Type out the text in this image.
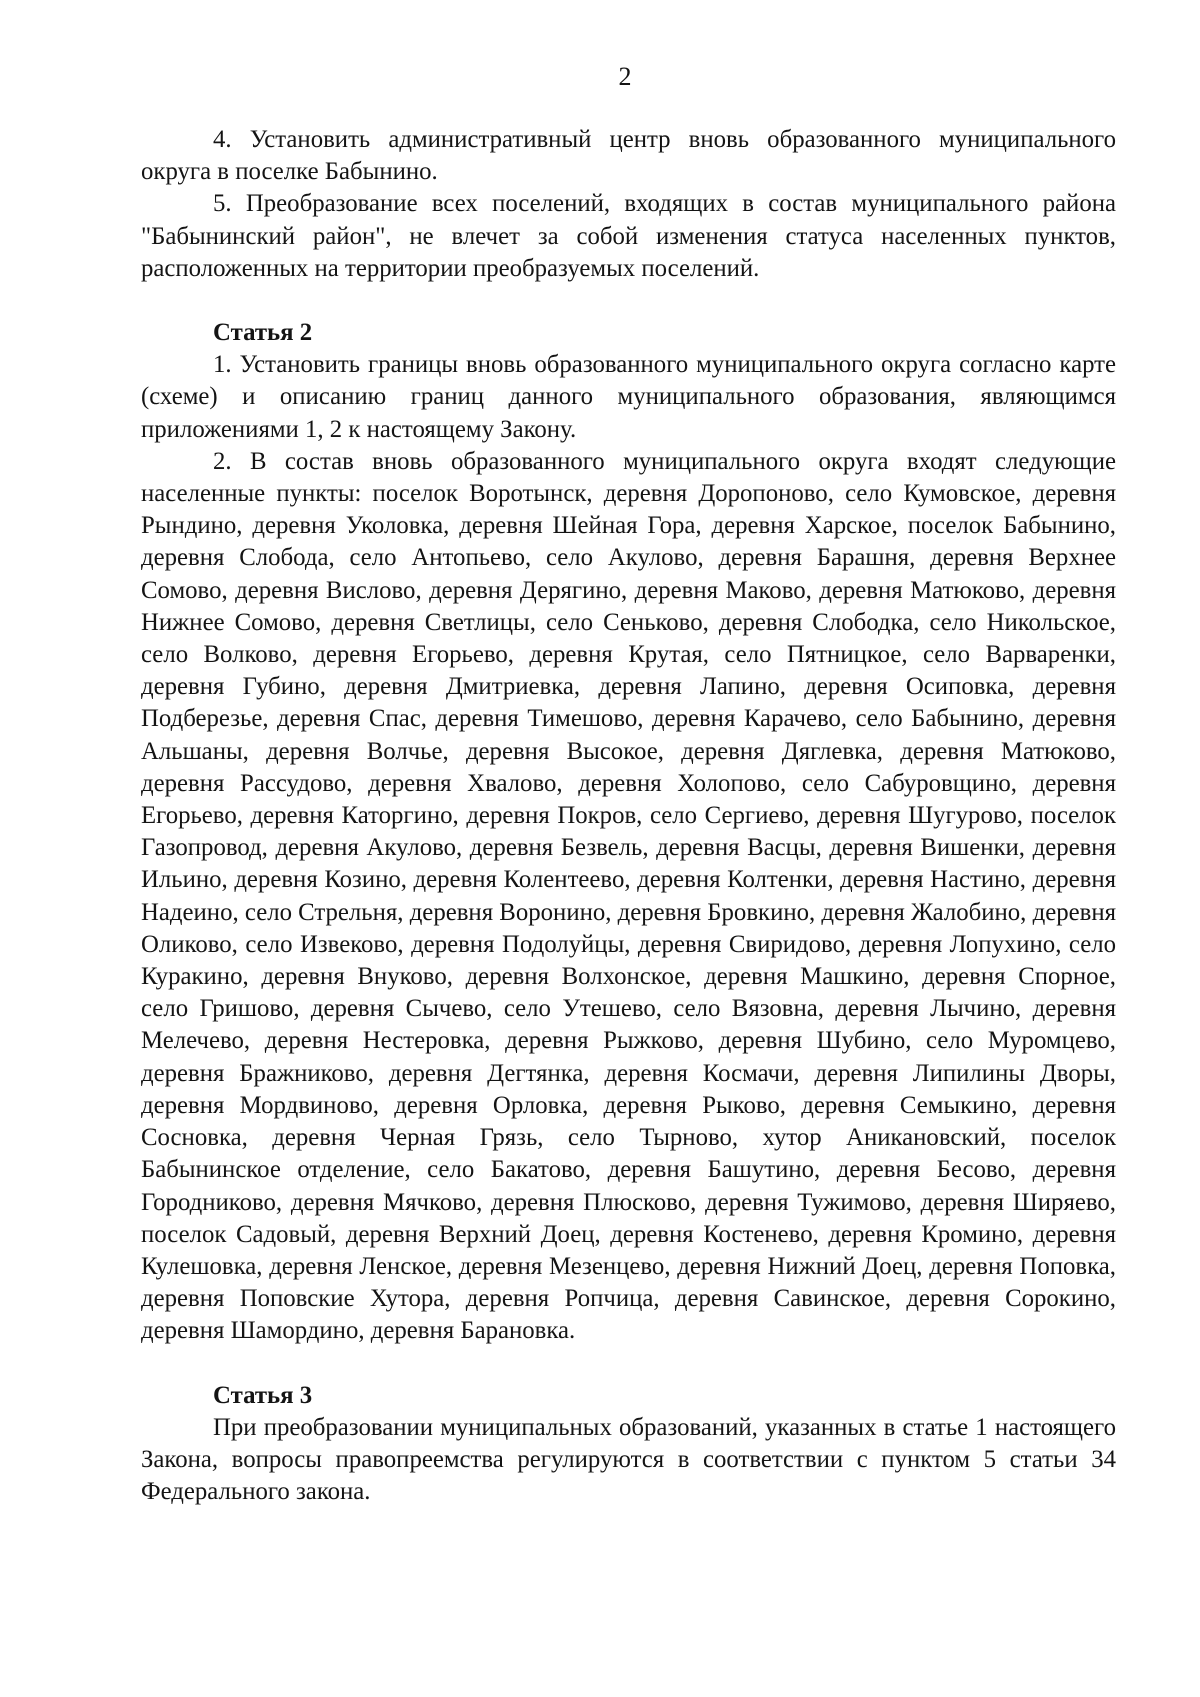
2

4. Установить административный центр вновь образованного муниципального округа в поселке Бабынино.

5. Преобразование всех поселений, входящих в состав муниципального района "Бабынинский район", не влечет за собой изменения статуса населенных пунктов, расположенных на территории преобразуемых поселений.

Статья 2

1. Установить границы вновь образованного муниципального округа согласно карте (схеме) и описанию границ данного муниципального образования, являющимся приложениями 1, 2 к настоящему Закону.

2. В состав вновь образованного муниципального округа входят следующие населенные пункты: поселок Воротынск, деревня Доропоново, село Кумовское, деревня Рындино, деревня Уколовка, деревня Шейная Гора, деревня Харское, поселок Бабынино, деревня Слобода, село Антопьево, село Акулово, деревня Барашня, деревня Верхнее Сомово, деревня Вислово, деревня Дерягино, деревня Маково, деревня Матюково, деревня Нижнее Сомово, деревня Светлицы, село Сеньково, деревня Слободка, село Никольское, село Волково, деревня Егорьево, деревня Крутая, село Пятницкое, село Варваренки, деревня Губино, деревня Дмитриевка, деревня Лапино, деревня Осиповка, деревня Подберезье, деревня Спас, деревня Тимешово, деревня Карачево, село Бабынино, деревня Альшаны, деревня Волчье, деревня Высокое, деревня Дяглевка, деревня Матюково, деревня Рассудово, деревня Хвалово, деревня Холопово, село Сабуровщино, деревня Егорьево, деревня Каторгино, деревня Покров, село Сергиево, деревня Шугурово, поселок Газопровод, деревня Акулово, деревня Безвель, деревня Васцы, деревня Вишенки, деревня Ильино, деревня Козино, деревня Колентеево, деревня Колтенки, деревня Настино, деревня Надеино, село Стрельня, деревня Воронино, деревня Бровкино, деревня Жалобино, деревня Оликово, село Извеково, деревня Подолуйцы, деревня Свиридово, деревня Лопухино, село Куракино, деревня Внуково, деревня Волхонское, деревня Машкино, деревня Спорное, село Гришово, деревня Сычево, село Утешево, село Вязовна, деревня Лычино, деревня Мелечево, деревня Нестеровка, деревня Рыжково, деревня Шубино, село Муромцево, деревня Бражниково, деревня Дегтянка, деревня Космачи, деревня Липилины Дворы, деревня Мордвиново, деревня Орловка, деревня Рыково, деревня Семыкино, деревня Сосновка, деревня Черная Грязь, село Тырново, хутор Аникановский, поселок Бабынинское отделение, село Бакатово, деревня Башутино, деревня Бесово, деревня Городниково, деревня Мячково, деревня Плюсково, деревня Тужимово, деревня Ширяево, поселок Садовый, деревня Верхний Доец, деревня Костенево, деревня Кромино, деревня Кулешовка, деревня Ленское, деревня Мезенцево, деревня Нижний Доец, деревня Поповка, деревня Поповские Хутора, деревня Ропчица, деревня Савинское, деревня Сорокино, деревня Шамордино, деревня Барановка.

Статья 3

При преобразовании муниципальных образований, указанных в статье 1 настоящего Закона, вопросы правопреемства регулируются в соответствии с пунктом 5 статьи 34 Федерального закона.
